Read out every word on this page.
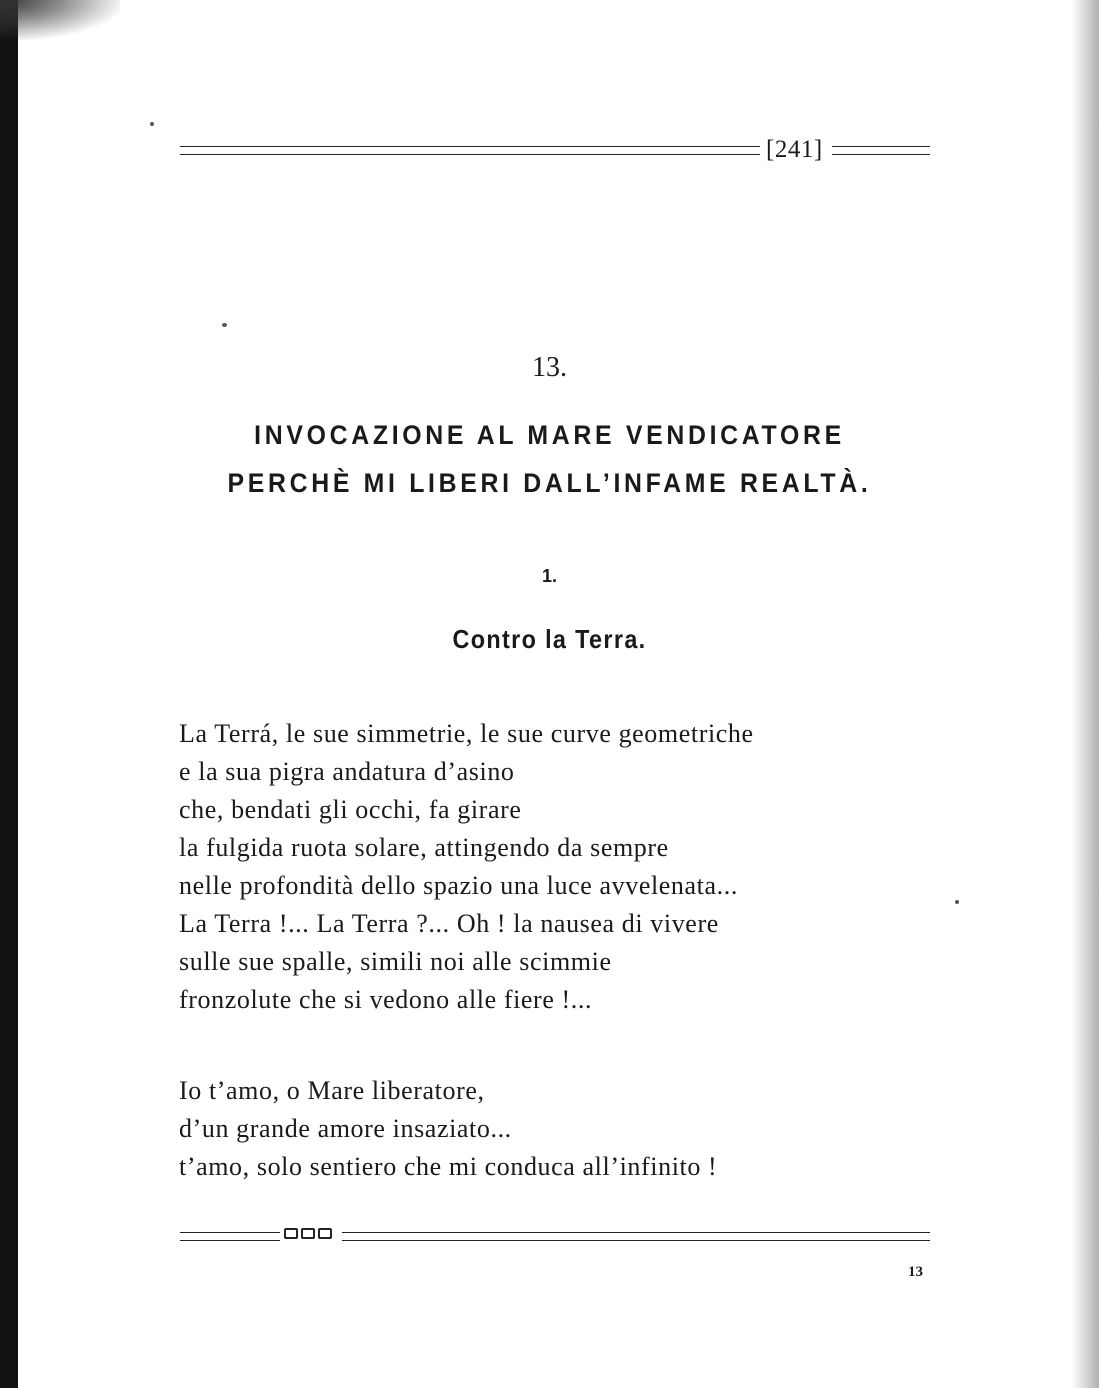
[241]
13.
INVOCAZIONE AL MARE VENDICATORE
PERCHÈ MI LIBERI DALL’INFAME REALTÀ.
1.
Contro la Terra.
La Terrá, le sue simmetrie, le sue curve geometriche
e la sua pigra andatura d’asino
che, bendati gli occhi, fa girare
la fulgida ruota solare, attingendo da sempre
nelle profondità dello spazio una luce avvelenata...
La Terra !... La Terra ?... Oh ! la nausea di vivere
sulle sue spalle, simili noi alle scimmie
fronzolute che si vedono alle fiere !...
Io t’amo, o Mare liberatore,
d’un grande amore insaziato...
t’amo, solo sentiero che mi conduca all’infinito !
13
